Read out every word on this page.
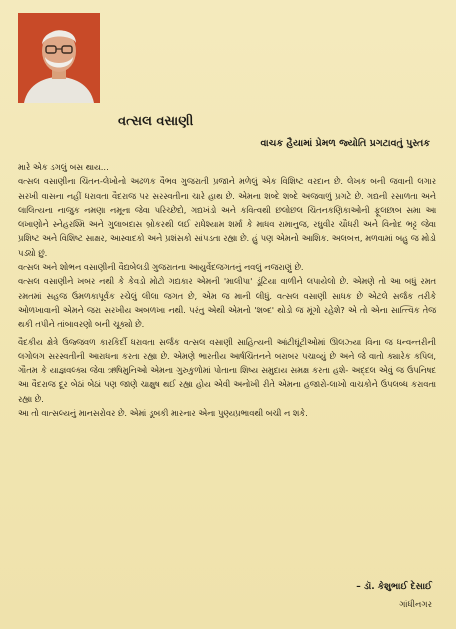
વત્સલ વસાણી
વાચક હૈયામાં પ્રેમળ જ્યોતિ પ્રગટાવતું પુસ્તક

મારે એક ડગલું બસ થાય...

વત્સલ વસાણીના ચિંતન-લેખોનો અઢળક વૈભવ ગુજરાતી પ્રજાને મળેલું એક વિશિષ્ટ વરદાન છે. લેખક બની જવાની લગાર સરખી વાસના નહીં ધરાવતા વૈદરાજ પર સરસ્વતીના ચારે હાથ છે. એમના શબ્દે શબ્દે અજવાળું પ્રગટે છે. ગદ્યની રસાળતા અને લાલિત્યના નાજુક નમણા નમૂના જેવા પરિચ્છેદો, ગદ્યખંડો અને કવિત્વથી છલોછલ ચિંતનકણિકાઓની ફૂલછાબ સમા આ લખાણોને સ્નેહરશ્મિ અને ગુલાબદાસ બ્રોકરથી લઈ રાધેશ્યામ શર્મા કે માધવ રામાનુજ, રઘુવીર ચૌધરી અને વિનોદ ભટ્ટ જેવા પ્રશિષ્ટ અને વિશિષ્ટ સાક્ષર, આસ્વાદકો અને પ્રશંસકો સાંપડતા રહ્યા છે. હું પણ એમનો આશિક. અલબત્ત, મળવામાં બહુ જ મોડો પડ્યો છું.

વત્સલ અને શોભન વસાણીની વૈદ્યબેલડી ગુજરાતના આયુર્વેદજગતનું નવલું નજરાણું છે.

વત્સલ વસાણીને ખબર નથી કે કેવડો મોટો ગદ્યકાર એમની 'માલીપા' ડૂંટિયા વાળીને લપાયેલો છે. એમણે તો આ બધું રમત રમતમાં સહજ ઉમળકાપૂર્વક રચેલું લીલા જગત છે, એમ જ માની લીધું. વત્સલ વસાણી સાધક છે એટલે સર્જક તરીકે ઓળખાવાની એમને જરા સરખીય અબળખા નથી. પરંતુ એથી એમનો 'શબ્દ' થોડો જ મૂંગો રહેશે? એ તો એના સાત્ત્વિક તેજ થકી તપીને તાંબાવરણો બની ચૂક્યો છે.

વૈદકીય ક્ષેત્રે ઉજ્જવળ કારકિર્દી ધરાવતા સર્જક વત્સલ વસાણી સાહિત્યની આંટીઘૂંટીઓમાં ઊલઝ્યા વિના જ ધન્વન્તરીની લગોલગ સરસ્વતીની આરાધના કરતા રહ્યા છે. એમણે ભારતીય આર્ષચિંતનને બરાબર પચાવ્યું છે અને જે વાતો ક્યારેક કપિલ, ગૌતમ કે યાજ્ઞવલ્ક્ય જેવા ઋષિમુનિઓ એમના ગુરુકુળોમાં પોતાના શિષ્ય સમુદાય સમક્ષ કરતા હશે- અદ્દલ એવું જ ઉપનિષદ આ વૈદરાજ દૂર બેઠાં બેઠાં પણ જાણે ચાક્ષુષ થઈ રહ્યા હોય એવી અનોખી રીતે એમના હજારો-લાખો વાચકોને ઉપલબ્ધ કરાવતા રહ્યા છે.

આ તો વાત્સલ્યનું માનસરોવર છે. એમાં ડૂબકી મારનાર એના પુણ્યપ્રભાવથી બચી ન શકે.

– ડૉ. કેશુભાઈ દેસાઈ
ગાંધીનગર
